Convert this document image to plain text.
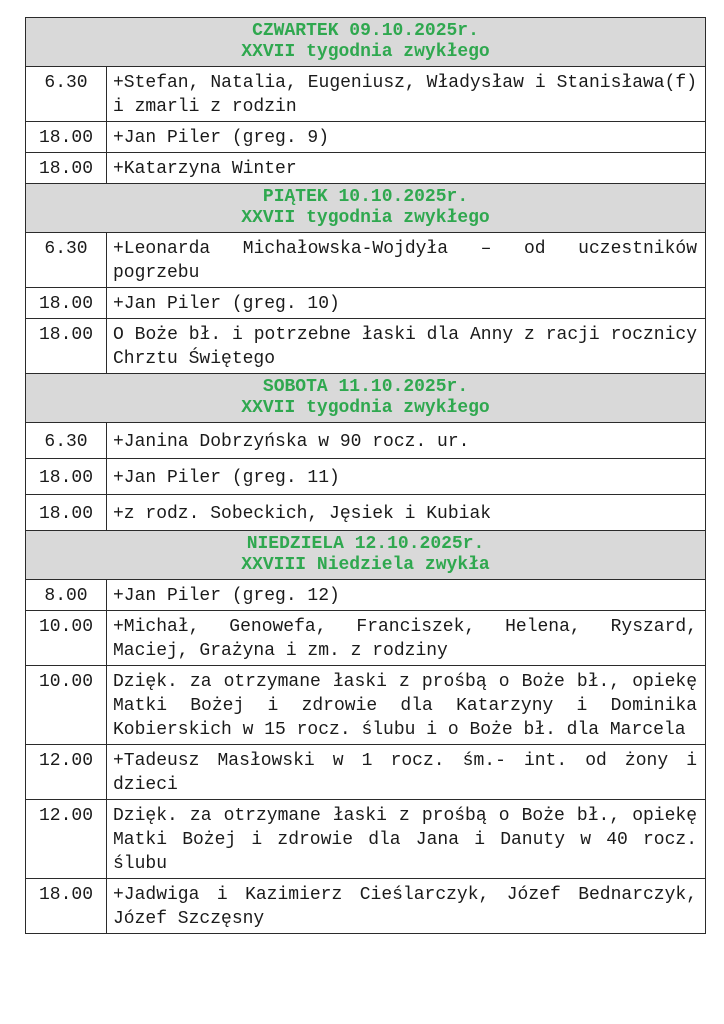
CZWARTEK 09.10.2025r.
XXVII tygodnia zwykłego	

6.30	+Stefan, Natalia, Eugeniusz, Władysław i Stanisława(f) i zmarli z rodzin
18.00	+Jan Piler (greg. 9)
18.00	+Katarzyna Winter

PIĄTEK 10.10.2025r.
XXVII tygodnia zwykłego	

6.30	+Leonarda Michałowska-Wojdyła – od uczestników pogrzebu
18.00	+Jan Piler (greg. 10)
18.00	O Boże bł. i potrzebne łaski dla Anny z racji rocznicy Chrztu Świętego

SOBOTA 11.10.2025r.
XXVII tygodnia zwykłego	

6.30	+Janina Dobrzyńska w 90 rocz. ur.
18.00	+Jan Piler (greg. 11)
18.00	+z rodz. Sobeckich, Jęsiek i Kubiak

NIEDZIELA 12.10.2025r.
XXVIII Niedziela zwykła	

8.00	+Jan Piler (greg. 12)
10.00	+Michał, Genowefa, Franciszek, Helena, Ryszard, Maciej, Grażyna i zm. z rodziny
10.00	Dzięk. za otrzymane łaski z prośbą o Boże bł., opiekę Matki Bożej i zdrowie dla Katarzyny i Dominika Kobierskich w 15 rocz. ślubu i o Boże bł. dla Marcela
12.00	+Tadeusz Masłowski w 1 rocz. śm.- int. od żony i dzieci
12.00	Dzięk. za otrzymane łaski z prośbą o Boże bł., opiekę Matki Bożej i zdrowie dla Jana i Danuty w 40 rocz. ślubu
18.00	+Jadwiga i Kazimierz Cieślarczyk, Józef Bednarczyk, Józef Szczęsny
